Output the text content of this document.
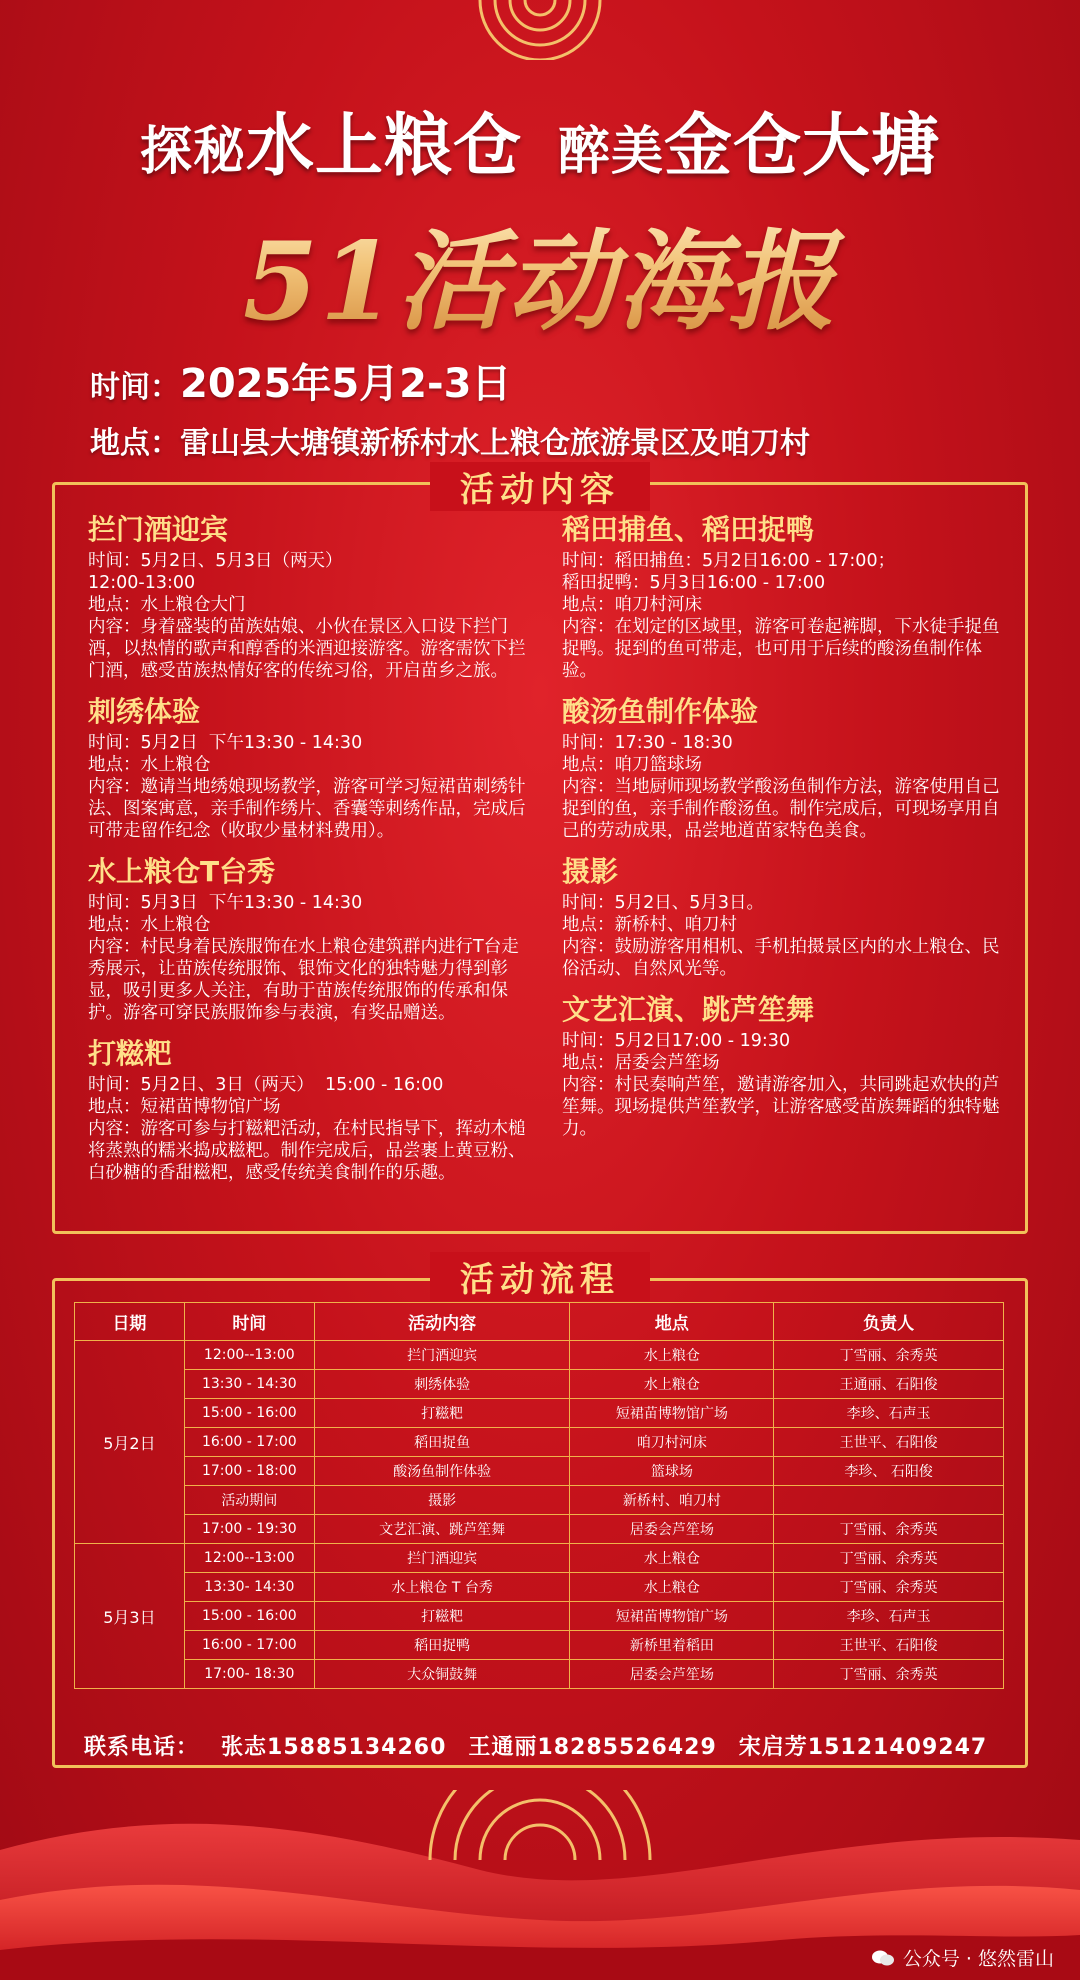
探秘水上粮仓 醉美金仓大塘
51活动海报
时间：2025年5月2-3日
地点：雷山县大塘镇新桥村水上粮仓旅游景区及咱刀村
活动内容
拦门酒迎宾
时间：5月2日、5月3日（两天）
12:00-13:00
地点：水上粮仓大门
内容：身着盛装的苗族姑娘、小伙在景区入口设下拦门酒，以热情的歌声和醇香的米酒迎接游客。游客需饮下拦门酒，感受苗族热情好客的传统习俗，开启苗乡之旅。
刺绣体验
时间：5月2日  下午13:30 - 14:30
地点：水上粮仓
内容：邀请当地绣娘现场教学，游客可学习短裙苗刺绣针法、图案寓意，亲手制作绣片、香囊等刺绣作品，完成后可带走留作纪念（收取少量材料费用）。
水上粮仓T台秀
时间：5月3日  下午13:30 - 14:30
地点：水上粮仓
内容：村民身着民族服饰在水上粮仓建筑群内进行T台走秀展示，让苗族传统服饰、银饰文化的独特魅力得到彰显，吸引更多人关注，有助于苗族传统服饰的传承和保护。游客可穿民族服饰参与表演，有奖品赠送。
打糍粑
时间：5月2日、3日（两天）  15:00 - 16:00
地点：短裙苗博物馆广场
内容：游客可参与打糍粑活动，在村民指导下，挥动木槌将蒸熟的糯米捣成糍粑。制作完成后，品尝裹上黄豆粉、白砂糖的香甜糍粑，感受传统美食制作的乐趣。
稻田捕鱼、稻田捉鸭
时间：稻田捕鱼：5月2日16:00 - 17:00；
稻田捉鸭：5月3日16:00 - 17:00
地点：咱刀村河床
内容：在划定的区域里，游客可卷起裤脚，下水徒手捉鱼捉鸭。捉到的鱼可带走，也可用于后续的酸汤鱼制作体验。
酸汤鱼制作体验
时间：17:30 - 18:30
地点：咱刀篮球场
内容：当地厨师现场教学酸汤鱼制作方法，游客使用自己捉到的鱼，亲手制作酸汤鱼。制作完成后，可现场享用自己的劳动成果，品尝地道苗家特色美食。
摄影
时间：5月2日、5月3日。
地点：新桥村、咱刀村
内容：鼓励游客用相机、手机拍摄景区内的水上粮仓、民俗活动、自然风光等。
文艺汇演、跳芦笙舞
时间：5月2日17:00 - 19:30
地点：居委会芦笙场
内容：村民奏响芦笙，邀请游客加入，共同跳起欢快的芦笙舞。现场提供芦笙教学，让游客感受苗族舞蹈的独特魅力。
活动流程
日期	时间	活动内容	地点	负责人
5月2日	12:00--13:00	拦门酒迎宾	水上粮仓	丁雪丽、余秀英
	13:30 - 14:30	刺绣体验	水上粮仓	王通丽、石阳俊
	15:00 - 16:00	打糍粑	短裙苗博物馆广场	李珍、石声玉
	16:00 - 17:00	稻田捉鱼	咱刀村河床	王世平、石阳俊
	17:00 - 18:00	酸汤鱼制作体验	篮球场	李珍、 石阳俊
	活动期间	摄影	新桥村、咱刀村	
	17:00 - 19:30	文艺汇演、跳芦笙舞	居委会芦笙场	丁雪丽、余秀英
5月3日	12:00--13:00	拦门酒迎宾	水上粮仓	丁雪丽、余秀英
	13:30- 14:30	水上粮仓 T 台秀	水上粮仓	丁雪丽、余秀英
	15:00 - 16:00	打糍粑	短裙苗博物馆广场	李珍、石声玉
	16:00 - 17:00	稻田捉鸭	新桥里着稻田	王世平、石阳俊
	17:00- 18:30	大众铜鼓舞	居委会芦笙场	丁雪丽、余秀英
联系电话： 张志15885134260 王通丽18285526429 宋启芳15121409247
公众号 · 悠然雷山
